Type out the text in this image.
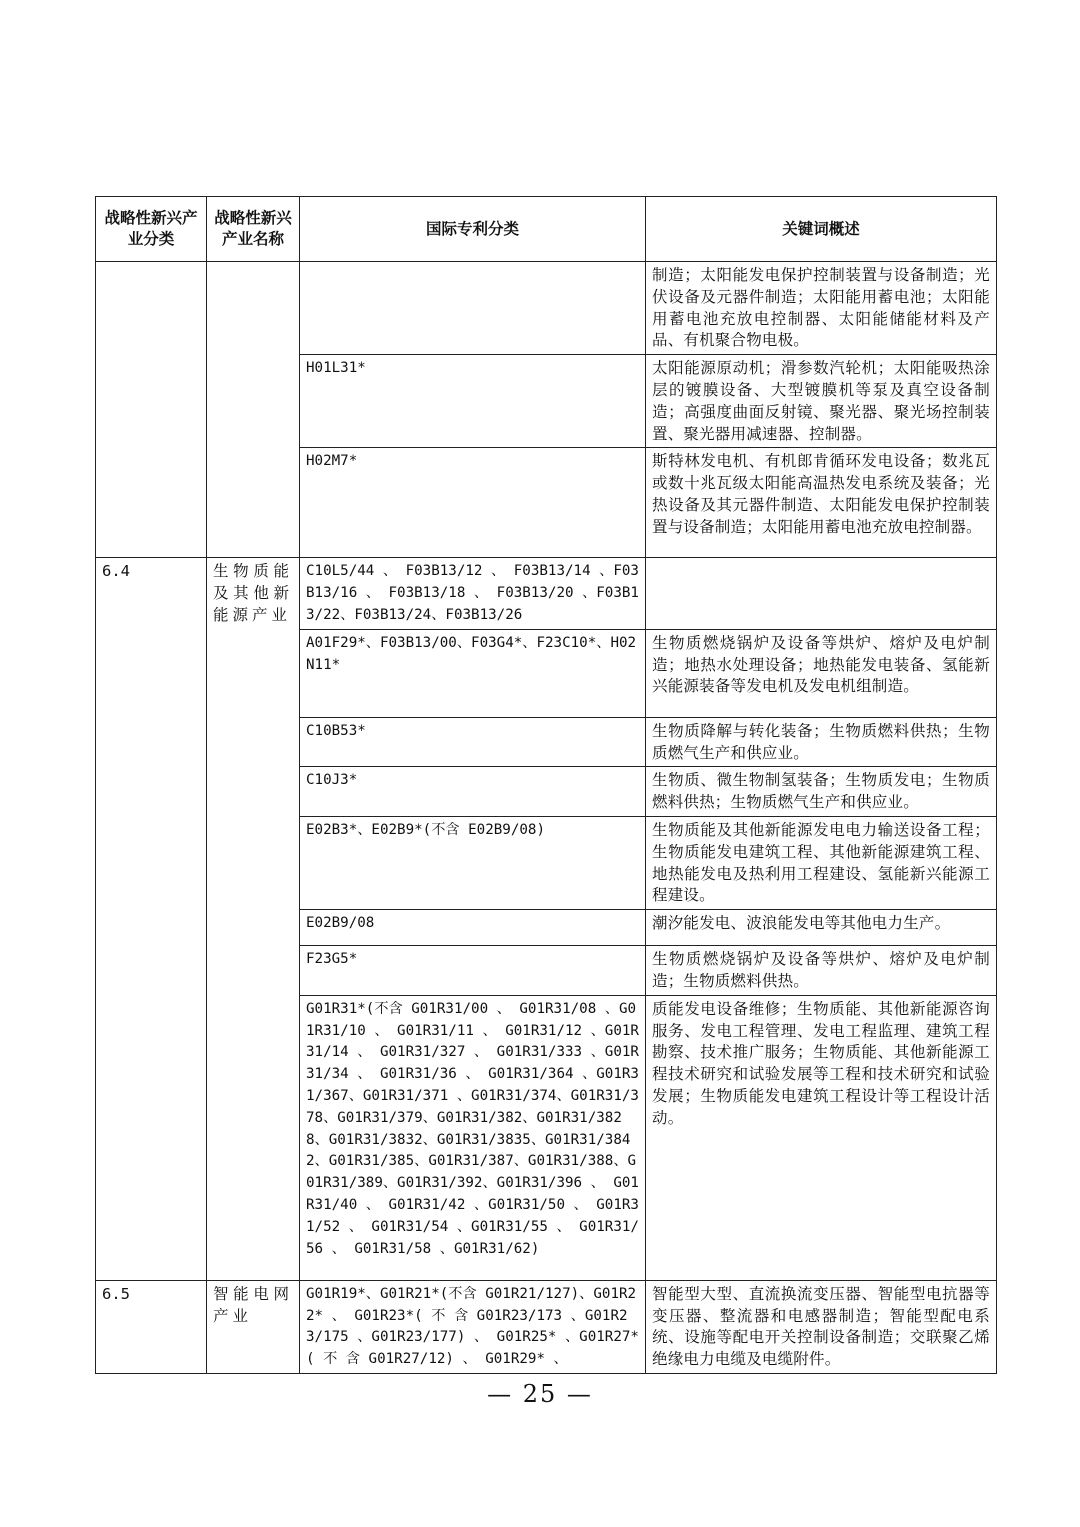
战略性新兴产业分类	战略性新兴产业名称	国际专利分类	关键词概述
			制造；太阳能发电保护控制装置与设备制造；光伏设备及元器件制造；太阳能用蓄电池；太阳能用蓄电池充放电控制器、太阳能储能材料及产品、有机聚合物电极。
		H01L31*	太阳能源原动机；滑参数汽轮机；太阳能吸热涂层的镀膜设备、大型镀膜机等泵及真空设备制造；高强度曲面反射镜、聚光器、聚光场控制装置、聚光器用减速器、控制器。
		H02M7*	斯特林发电机、有机郎肯循环发电设备；数兆瓦或数十兆瓦级太阳能高温热发电系统及装备；光热设备及其元器件制造、太阳能发电保护控制装置与设备制造；太阳能用蓄电池充放电控制器。
6.4	生物质能及其他新能源产业	C10L5/44 、 F03B13/12 、 F03B13/14 、F03B13/16 、 F03B13/18 、 F03B13/20 、F03B13/22、F03B13/24、F03B13/26	
		A01F29*、F03B13/00、F03G4*、F23C10*、H02N11*	生物质燃烧锅炉及设备等烘炉、熔炉及电炉制造；地热水处理设备；地热能发电装备、氢能新兴能源装备等发电机及发电机组制造。
		C10B53*	生物质降解与转化装备；生物质燃料供热；生物质燃气生产和供应业。
		C10J3*	生物质、微生物制氢装备；生物质发电；生物质燃料供热；生物质燃气生产和供应业。
		E02B3*、E02B9*(不含 E02B9/08)	生物质能及其他新能源发电电力输送设备工程；生物质能发电建筑工程、其他新能源建筑工程、地热能发电及热利用工程建设、氢能新兴能源工程建设。
		E02B9/08	潮汐能发电、波浪能发电等其他电力生产。
		F23G5*	生物质燃烧锅炉及设备等烘炉、熔炉及电炉制造；生物质燃料供热。
		G01R31*(不含 G01R31/00 、 G01R31/08 、G01R31/10 、 G01R31/11 、 G01R31/12 、G01R31/14 、 G01R31/327 、 G01R31/333 、G01R31/34 、 G01R31/36 、 G01R31/364 、G01R31/367、G01R31/371 、G01R31/374、G01R31/378、G01R31/379、G01R31/382、G01R31/3828、G01R31/3832、G01R31/3835、G01R31/3842、G01R31/385、G01R31/387、G01R31/388、G01R31/389、G01R31/392、G01R31/396 、 G01R31/40 、 G01R31/42 、G01R31/50 、 G01R31/52 、 G01R31/54 、G01R31/55 、 G01R31/56 、 G01R31/58 、G01R31/62)	质能发电设备维修；生物质能、其他新能源咨询服务、发电工程管理、发电工程监理、建筑工程勘察、技术推广服务；生物质能、其他新能源工程技术研究和试验发展等工程和技术研究和试验发展；生物质能发电建筑工程设计等工程设计活动。
6.5	智能电网产业	G01R19*、G01R21*(不含 G01R21/127)、G01R22* 、 G01R23*( 不 含 G01R23/173 、G01R23/175 、G01R23/177) 、 G01R25* 、G01R27*( 不 含 G01R27/12) 、 G01R29* 、	智能型大型、直流换流变压器、智能型电抗器等变压器、整流器和电感器制造；智能型配电系统、设施等配电开关控制设备制造；交联聚乙烯绝缘电力电缆及电缆附件。
— 25 —
